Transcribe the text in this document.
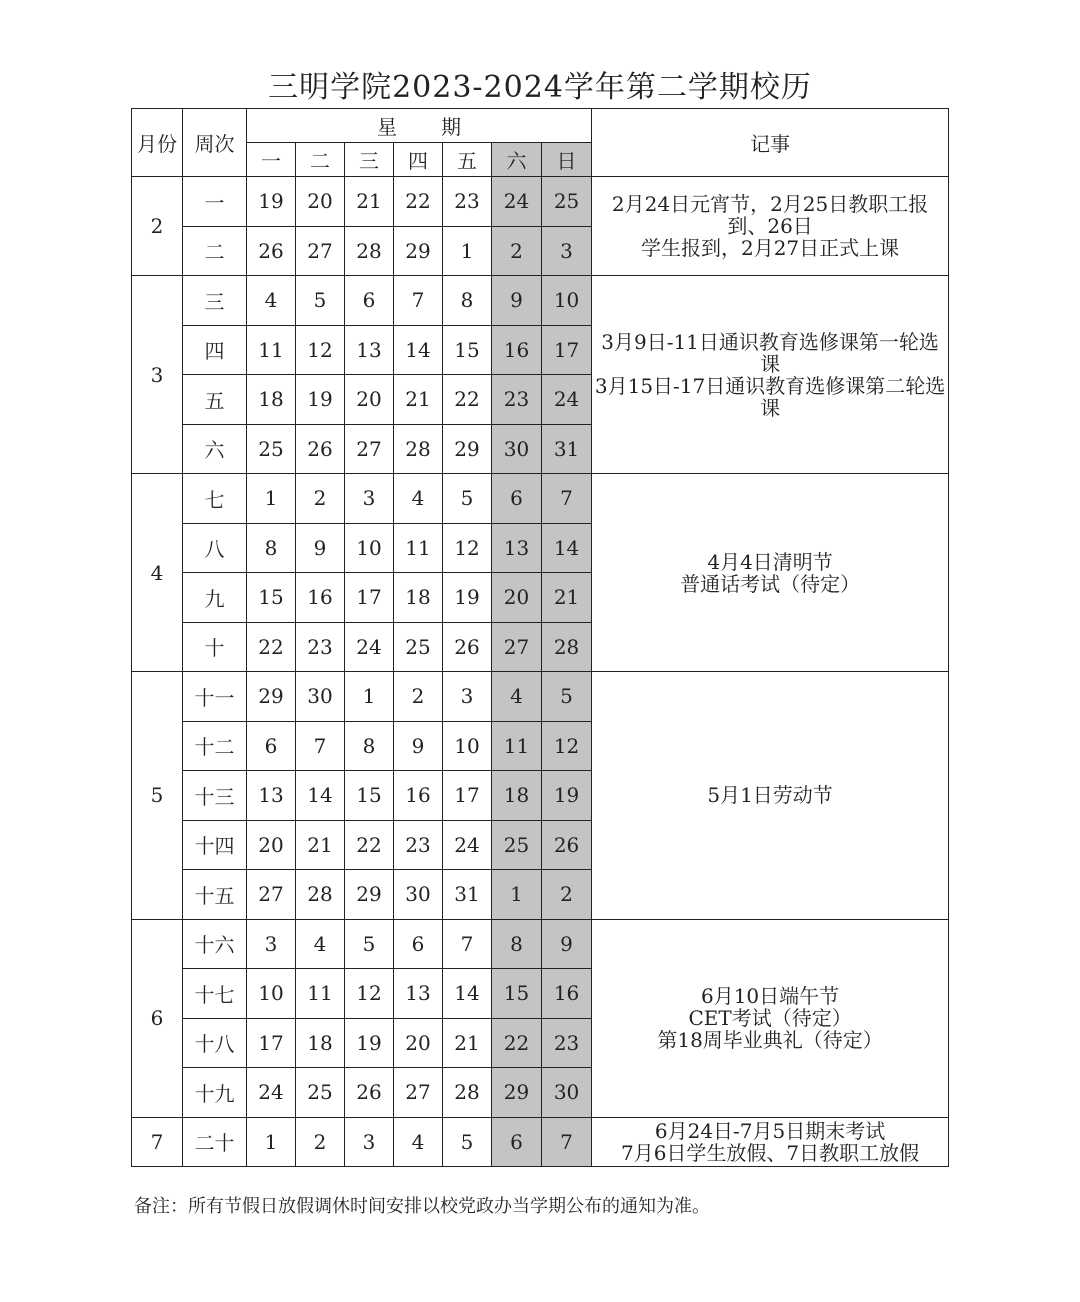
三明学院2023-2024学年第二学期校历
月份	周次	星期							记事
		一	二	三	四	五	六	日	
2	一	19	20	21	22	23	24	25	2月24日元宵节，2月25日教职工报到、26日
学生报到，2月27日正式上课

	二	26	27	28	29	1	2	3	
3	三	4	5	6	7	8	9	10	3月9日-11日通识教育选修课第一轮选课
3月15日-17日通识教育选修课第二轮选课

	四	11	12	13	14	15	16	17	
	五	18	19	20	21	22	23	24	
	六	25	26	27	28	29	30	31	
4	七	1	2	3	4	5	6	7	4月4日清明节
普通话考试（待定）

	八	8	9	10	11	12	13	14	
	九	15	16	17	18	19	20	21	
	十	22	23	24	25	26	27	28	
5	十一	29	30	1	2	3	4	5	5月1日劳动节

	十二	6	7	8	9	10	11	12	
	十三	13	14	15	16	17	18	19	
	十四	20	21	22	23	24	25	26	
	十五	27	28	29	30	31	1	2	
6	十六	3	4	5	6	7	8	9	6月10日端午节
CET考试（待定）
第18周毕业典礼（待定）

	十七	10	11	12	13	14	15	16	
	十八	17	18	19	20	21	22	23	
	十九	24	25	26	27	28	29	30	
7	二十	1	2	3	4	5	6	7	6月24日-7月5日期末考试
7月6日学生放假、7日教职工放假
备注：所有节假日放假调休时间安排以校党政办当学期公布的通知为准。
